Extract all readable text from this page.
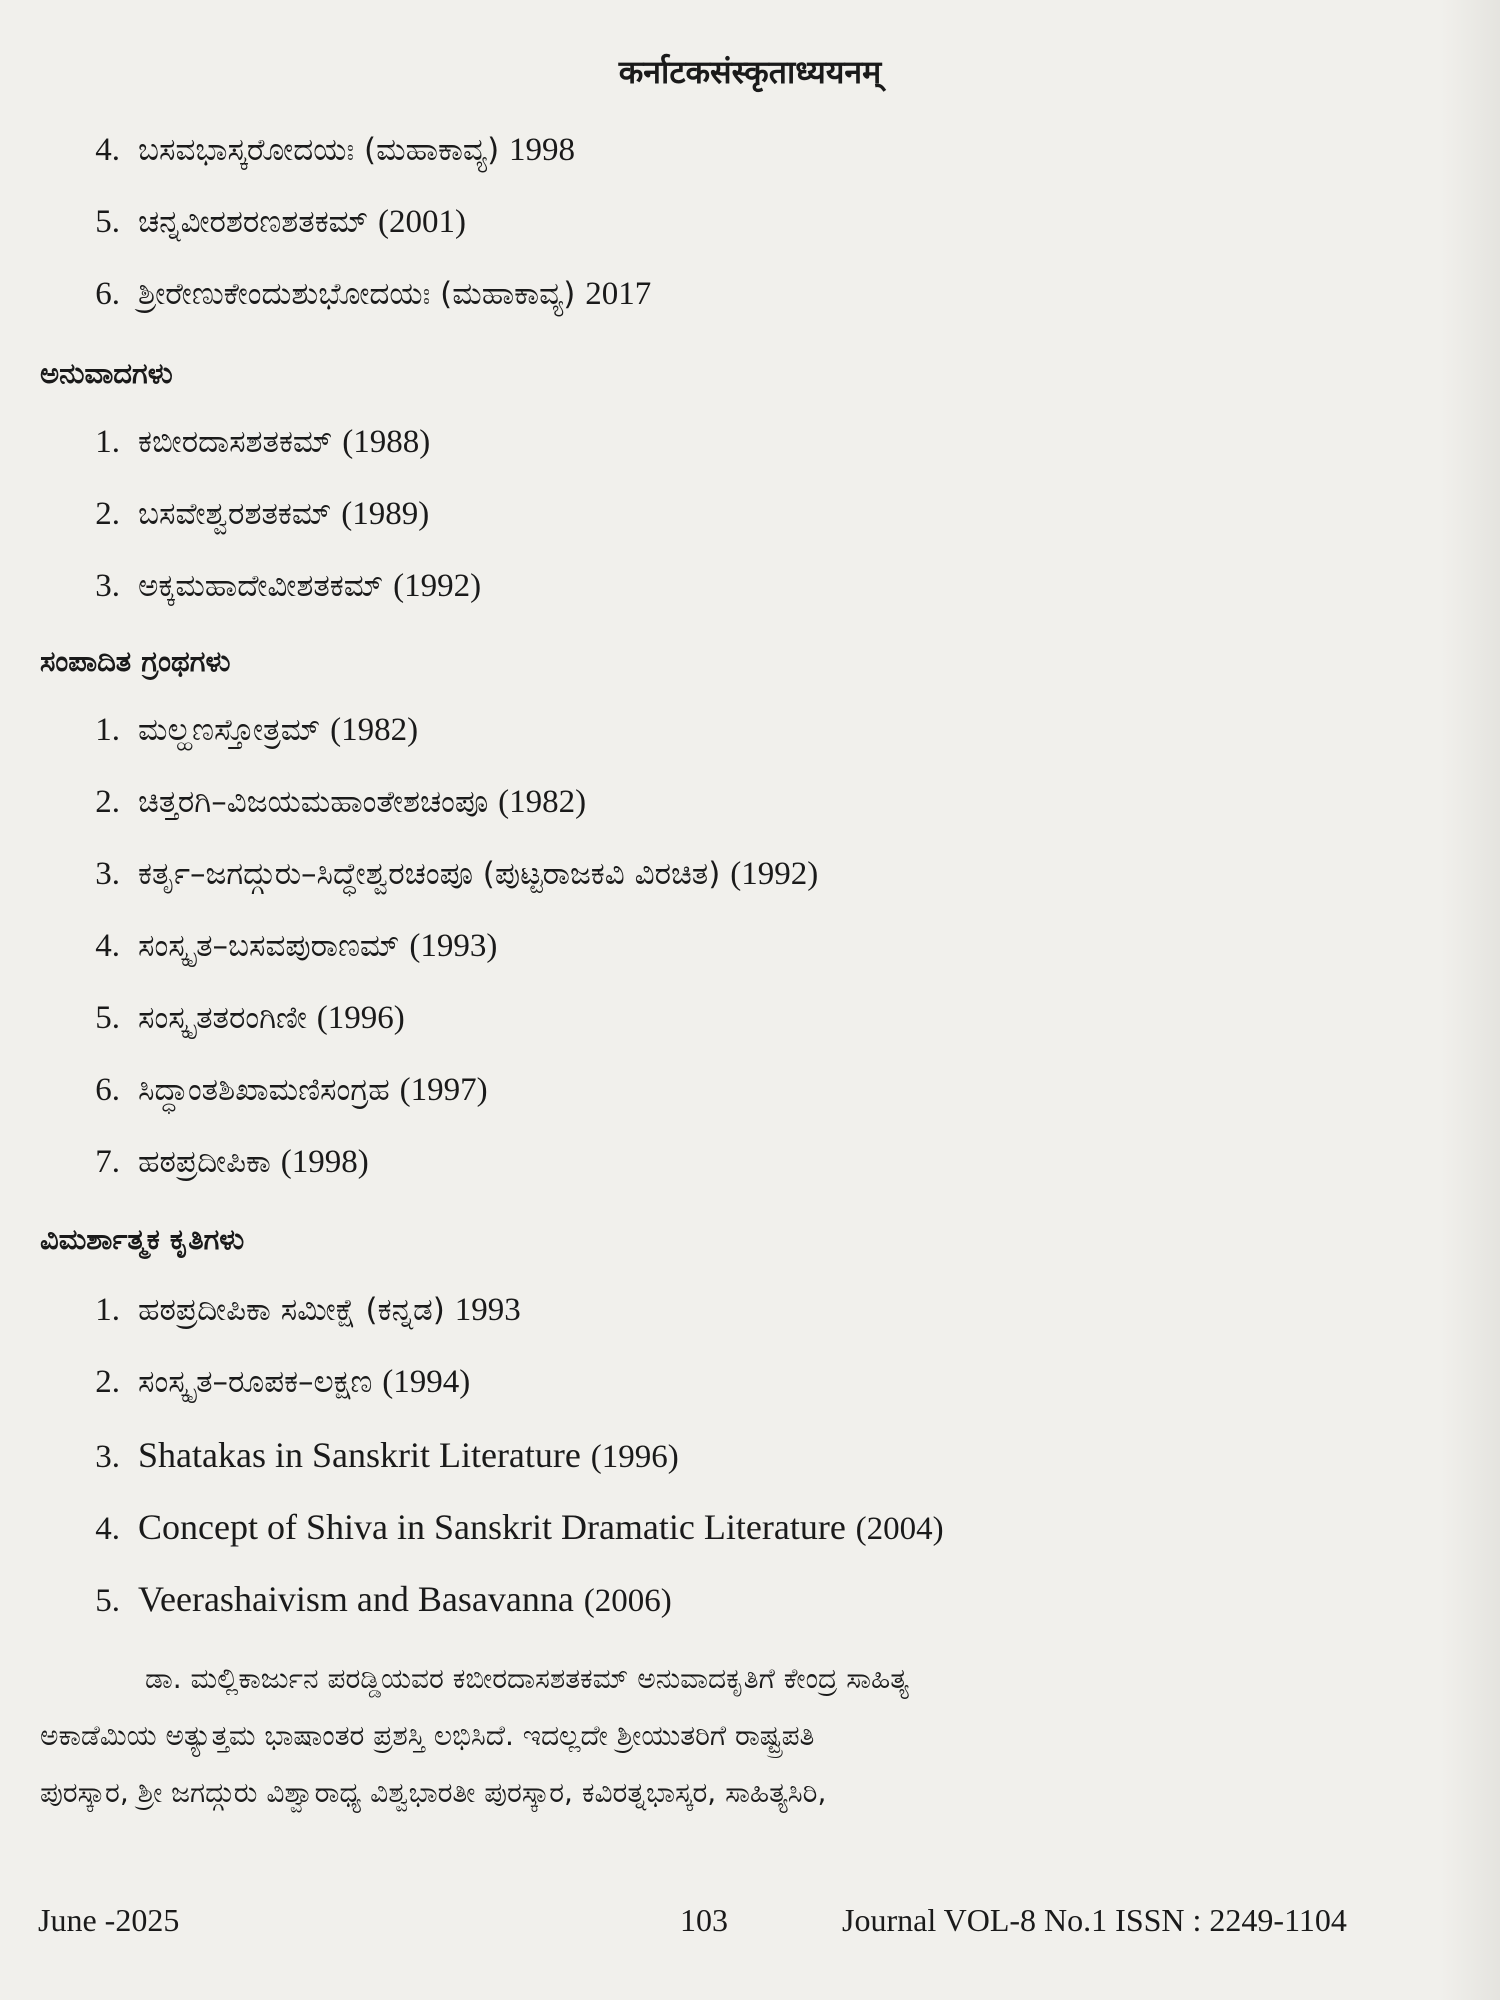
कर्नाटकसंस्कृताध्ययनम्
4. ಬಸವಭಾಸ್ಕರೋದಯಃ (ಮಹಾಕಾವ್ಯ) 1998
5. ಚನ್ನವೀರಶರಣಶತಕಮ್ (2001)
6. ಶ್ರೀರೇಣುಕೇಂದುಶುಭೋದಯಃ (ಮಹಾಕಾವ್ಯ) 2017
ಅನುವಾದಗಳು
1. ಕಬೀರದಾಸಶತಕಮ್ (1988)
2. ಬಸವೇಶ್ವರಶತಕಮ್ (1989)
3. ಅಕ್ಕಮಹಾದೇವೀಶತಕಮ್ (1992)
ಸಂಪಾದಿತ ಗ್ರಂಥಗಳು
1. ಮಲ್ಹಣಸ್ತೋತ್ರಮ್ (1982)
2. ಚಿತ್ತರಗಿ–ವಿಜಯಮಹಾಂತೇಶಚಂಪೂ (1982)
3. ಕರ್ತೃ–ಜಗದ್ಗುರು–ಸಿದ್ಧೇಶ್ವರಚಂಪೂ (ಪುಟ್ಟರಾಜಕವಿ ವಿರಚಿತ) (1992)
4. ಸಂಸ್ಕೃತ–ಬಸವಪುರಾಣಮ್ (1993)
5. ಸಂಸ್ಕೃತತರಂಗಿಣೀ (1996)
6. ಸಿದ್ಧಾಂತಶಿಖಾಮಣಿಸಂಗ್ರಹ (1997)
7. ಹಠಪ್ರದೀಪಿಕಾ (1998)
ವಿಮರ್ಶಾತ್ಮಕ ಕೃತಿಗಳು
1. ಹಠಪ್ರದೀಪಿಕಾ ಸಮೀಕ್ಷೆ (ಕನ್ನಡ) 1993
2. ಸಂಸ್ಕೃತ–ರೂಪಕ–ಲಕ್ಷಣ (1994)
3. Shatakas in Sanskrit Literature (1996)
4. Concept of Shiva in Sanskrit Dramatic Literature (2004)
5. Veerashaivism and Basavanna (2006)
ಡಾ. ಮಲ್ಲಿಕಾರ್ಜುನ ಪರಡ್ಡಿಯವರ ಕಬೀರದಾಸಶತಕಮ್ ಅನುವಾದಕೃತಿಗೆ ಕೇಂದ್ರ ಸಾಹಿತ್ಯ
ಅಕಾಡೆಮಿಯ ಅತ್ಯುತ್ತಮ ಭಾಷಾಂತರ ಪ್ರಶಸ್ತಿ ಲಭಿಸಿದೆ. ಇದಲ್ಲದೇ ಶ್ರೀಯುತರಿಗೆ ರಾಷ್ಟ್ರಪತಿ
ಪುರಸ್ಕಾರ, ಶ್ರೀ ಜಗದ್ಗುರು ವಿಶ್ವಾರಾಧ್ಯ ವಿಶ್ವಭಾರತೀ ಪುರಸ್ಕಾರ, ಕವಿರತ್ನಭಾಸ್ಕರ, ಸಾಹಿತ್ಯಸಿರಿ,
June -2025	103	Journal VOL-8 No.1 ISSN : 2249-1104
